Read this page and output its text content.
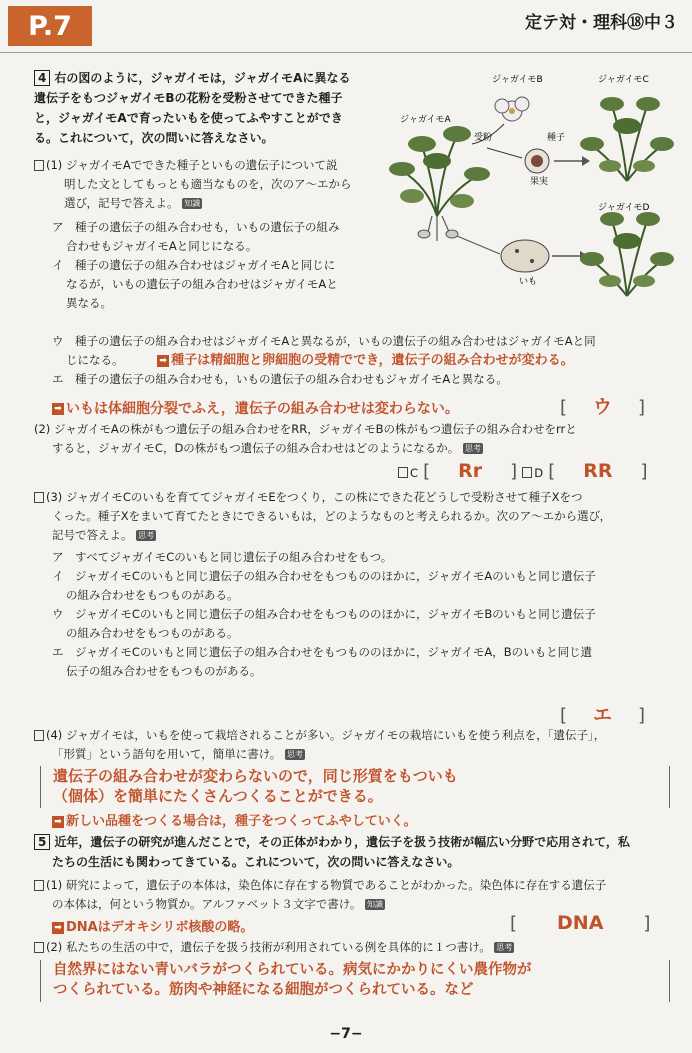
P.7	定テ対・理科⑱中３
4 右の図のように，ジャガイモは，ジャガイモAに異なる
遺伝子をもつジャガイモBの花粉を受粉させてできた種子
と，ジャガイモAで育ったいもを使ってふやすことができ
る。これについて，次の問いに答えなさい。
ジャガイモB
ジャガイモA
ジャガイモC
ジャガイモD
受粉	種子
果実
いも
(1) ジャガイモAでできた種子といもの遺伝子について説
明した文としてもっとも適当なものを，次のア～エから
選び，記号で答えよ。 知識
ア　 種子の遺伝子の組み合わせも，いもの遺伝子の組み
合わせもジャガイモAと同じになる。
イ　 種子の遺伝子の組み合わせはジャガイモAと同じに
なるが，いもの遺伝子の組み合わせはジャガイモAと
異なる。
ウ　 種子の遺伝子の組み合わせはジャガイモAと異なるが，いもの遺伝子の組み合わせはジャガイモAと同
じになる。	➡ 種子は精細胞と卵細胞の受精ででき，遺伝子の組み合わせが変わる。
エ　 種子の遺伝子の組み合わせも，いもの遺伝子の組み合わせもジャガイモAと異なる。
➡ いもは体細胞分裂でふえ，遺伝子の組み合わせは変わらない。	[ ウ ]
(2) ジャガイモAの株がもつ遺伝子の組み合わせをRR，ジャガイモBの株がもつ遺伝子の組み合わせをrrと
すると，ジャガイモC，Dの株がもつ遺伝子の組み合わせはどのようになるか。 思考
C [ Rr ] D [ RR ]
(3) ジャガイモCのいもを育ててジャガイモEをつくり，この株にできた花どうしで受粉させて種子Xをつ
くった。種子Xをまいて育てたときにできるいもは，どのようなものと考えられるか。次のア～エから選び，
記号で答えよ。 思考
ア　 すべてジャガイモCのいもと同じ遺伝子の組み合わせをもつ。
イ　 ジャガイモCのいもと同じ遺伝子の組み合わせをもつもののほかに，ジャガイモAのいもと同じ遺伝子
の組み合わせをもつものがある。
ウ　 ジャガイモCのいもと同じ遺伝子の組み合わせをもつもののほかに，ジャガイモBのいもと同じ遺伝子
の組み合わせをもつものがある。
エ　 ジャガイモCのいもと同じ遺伝子の組み合わせをもつもののほかに，ジャガイモA，Bのいもと同じ遺
伝子の組み合わせをもつものがある。
[ エ ]
(4) ジャガイモは，いもを使って栽培されることが多い。ジャガイモの栽培にいもを使う利点を，「遺伝子」，
「形質」という語句を用いて，簡単に書け。 思考
遺伝子の組み合わせが変わらないので，同じ形質をもついも
（個体）を簡単にたくさんつくることができる。
➡ 新しい品種をつくる場合は，種子をつくってふやしていく。
5 近年，遺伝子の研究が進んだことで，その正体がわかり，遺伝子を扱う技術が幅広い分野で応用されて，私
たちの生活にも関わってきている。これについて，次の問いに答えなさい。
(1) 研究によって，遺伝子の本体は，染色体に存在する物質であることがわかった。染色体に存在する遺伝子
の本体は，何という物質か。アルファベット３文字で書け。 知識
➡ DNAはデオキシリボ核酸の略。	[ DNA ]
(2) 私たちの生活の中で，遺伝子を扱う技術が利用されている例を具体的に１つ書け。 思考
自然界にはない青いバラがつくられている。病気にかかりにくい農作物が
つくられている。筋肉や神経になる細胞がつくられている。など
−7−
